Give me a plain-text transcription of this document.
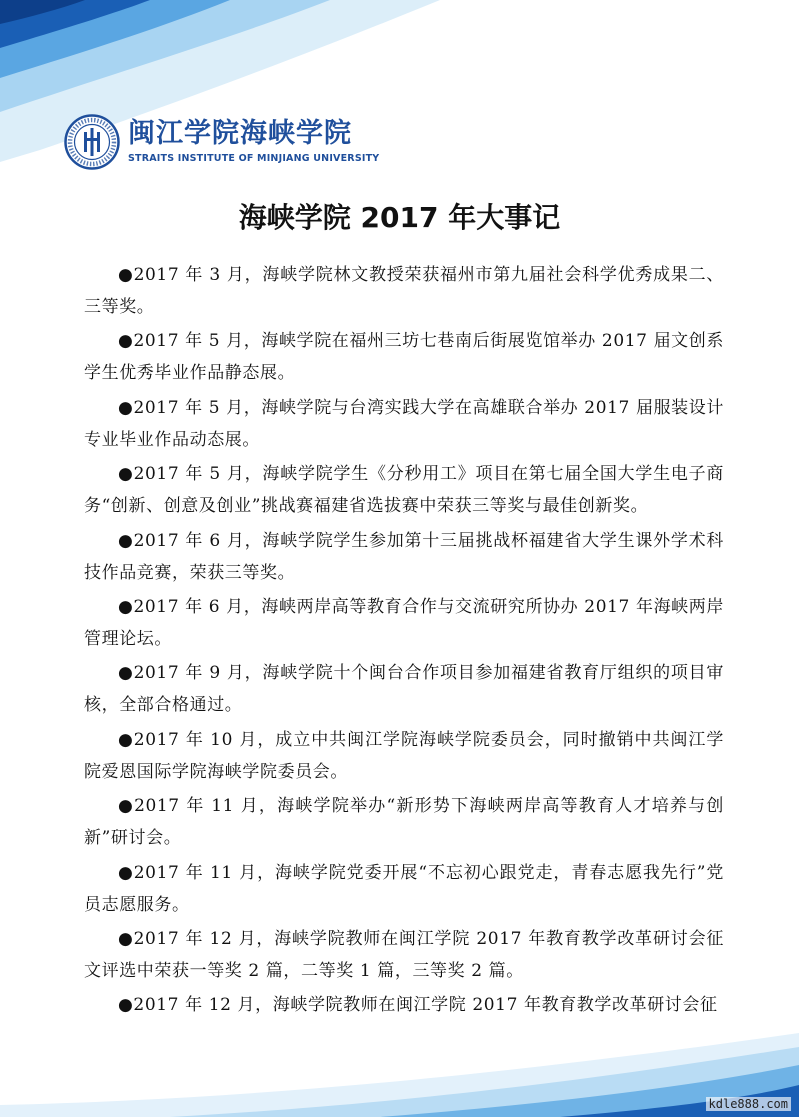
闽江学院海峡学院
STRAITS INSTITUTE OF MINJIANG UNIVERSITY
海峡学院 2017 年大事记
●2017 年 3 月，海峡学院林文教授荣获福州市第九届社会科学优秀成果二、三等奖。
●2017 年 5 月，海峡学院在福州三坊七巷南后街展览馆举办 2017 届文创系学生优秀毕业作品静态展。
●2017 年 5 月，海峡学院与台湾实践大学在高雄联合举办 2017 届服装设计专业毕业作品动态展。
●2017 年 5 月，海峡学院学生《分秒用工》项目在第七届全国大学生电子商务“创新、创意及创业”挑战赛福建省选拔赛中荣获三等奖与最佳创新奖。
●2017 年 6 月，海峡学院学生参加第十三届挑战杯福建省大学生课外学术科技作品竞赛，荣获三等奖。
●2017 年 6 月，海峡两岸高等教育合作与交流研究所协办 2017 年海峡两岸管理论坛。
●2017 年 9 月，海峡学院十个闽台合作项目参加福建省教育厅组织的项目审核，全部合格通过。
●2017 年 10 月，成立中共闽江学院海峡学院委员会，同时撤销中共闽江学院爱恩国际学院海峡学院委员会。
●2017 年 11 月，海峡学院举办“新形势下海峡两岸高等教育人才培养与创新”研讨会。
●2017 年 11 月，海峡学院党委开展“不忘初心跟党走，青春志愿我先行”党员志愿服务。
●2017 年 12 月，海峡学院教师在闽江学院 2017 年教育教学改革研讨会征文评选中荣获一等奖 2 篇，二等奖 1 篇，三等奖 2 篇。
●2017 年 12 月，海峡学院教师在闽江学院 2017 年教育教学改革研讨会征
kdle888.com
